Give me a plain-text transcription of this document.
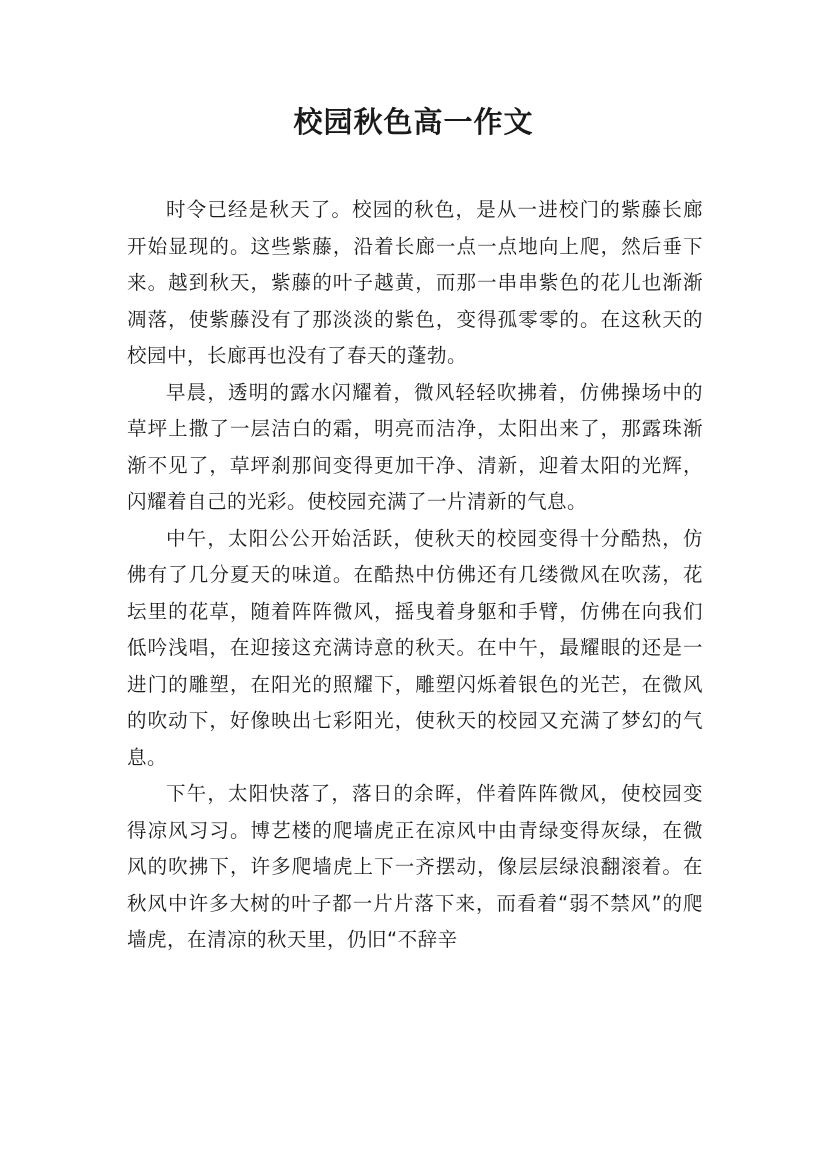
校园秋色高一作文

时令已经是秋天了。校园的秋色，是从一进校门的紫藤长廊开始显现的。这些紫藤，沿着长廊一点一点地向上爬，然后垂下来。越到秋天，紫藤的叶子越黄，而那一串串紫色的花儿也渐渐凋落，使紫藤没有了那淡淡的紫色，变得孤零零的。在这秋天的校园中，长廊再也没有了春天的蓬勃。

早晨，透明的露水闪耀着，微风轻轻吹拂着，仿佛操场中的草坪上撒了一层洁白的霜，明亮而洁净，太阳出来了，那露珠渐渐不见了，草坪刹那间变得更加干净、清新，迎着太阳的光辉，闪耀着自己的光彩。使校园充满了一片清新的气息。

中午，太阳公公开始活跃，使秋天的校园变得十分酷热，仿佛有了几分夏天的味道。在酷热中仿佛还有几缕微风在吹荡，花坛里的花草，随着阵阵微风，摇曳着身躯和手臂，仿佛在向我们低吟浅唱，在迎接这充满诗意的秋天。在中午，最耀眼的还是一进门的雕塑，在阳光的照耀下，雕塑闪烁着银色的光芒，在微风的吹动下，好像映出七彩阳光，使秋天的校园又充满了梦幻的气息。

下午，太阳快落了，落日的余晖，伴着阵阵微风，使校园变得凉风习习。博艺楼的爬墙虎正在凉风中由青绿变得灰绿，在微风的吹拂下，许多爬墙虎上下一齐摆动，像层层绿浪翻滚着。在秋风中许多大树的叶子都一片片落下来，而看着“弱不禁风”的爬墙虎，在清凉的秋天里，仍旧“不辞辛
